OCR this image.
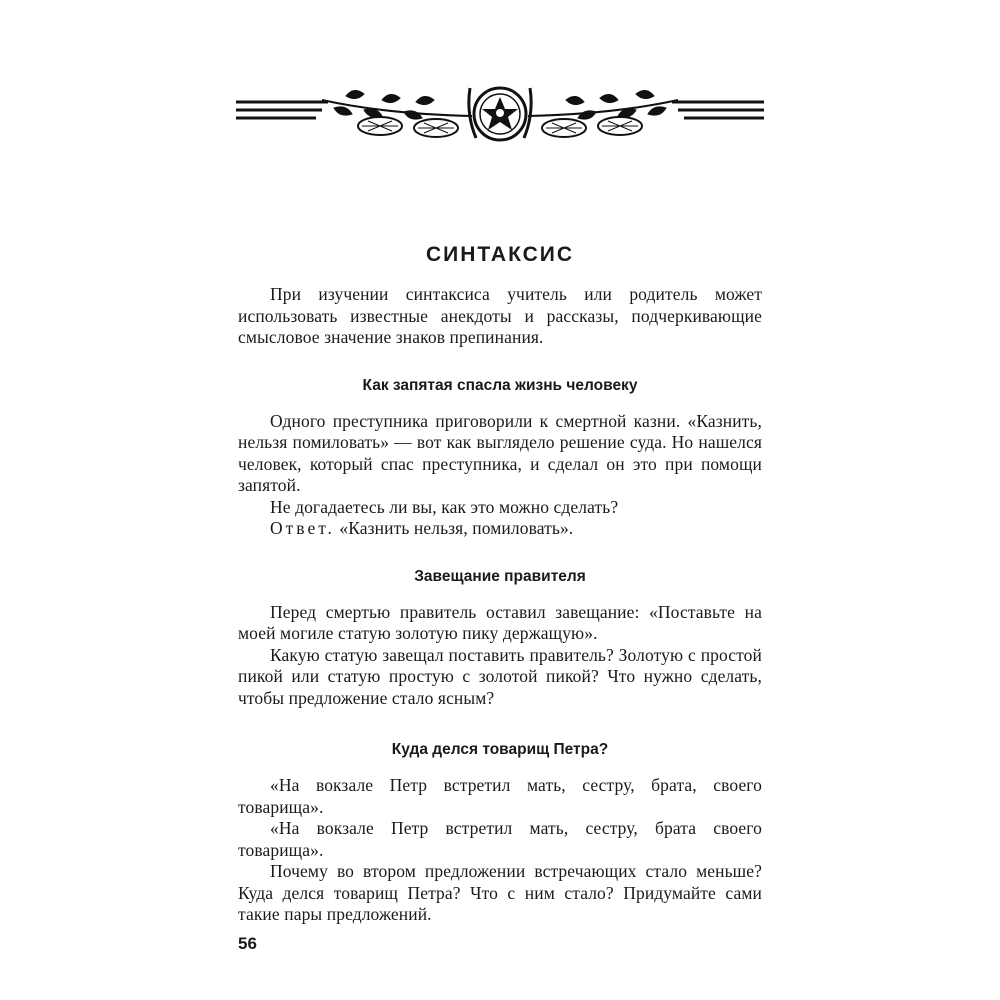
СИНТАКСИС

При изучении синтаксиса учитель или родитель может использовать известные анекдоты и рассказы, подчеркивающие смысловое значение знаков препинания.

Как запятая спасла жизнь человеку

Одного преступника приговорили к смертной казни. «Казнить, нельзя помиловать» — вот как выглядело решение суда. Но нашелся человек, который спас преступника, и сделал он это при помощи запятой.

Не догадаетесь ли вы, как это можно сделать?

Ответ. «Казнить нельзя, помиловать».

Завещание правителя

Перед смертью правитель оставил завещание: «Поставьте на моей могиле статую золотую пику держащую».

Какую статую завещал поставить правитель? Золотую с простой пикой или статую простую с золотой пикой? Что нужно сделать, чтобы предложение стало ясным?

Куда делся товарищ Петра?

«На вокзале Петр встретил мать, сестру, брата, своего товарища».

«На вокзале Петр встретил мать, сестру, брата своего товарища».

Почему во втором предложении встречающих стало меньше? Куда делся товарищ Петра? Что с ним стало? Придумайте сами такие пары предложений.

56
